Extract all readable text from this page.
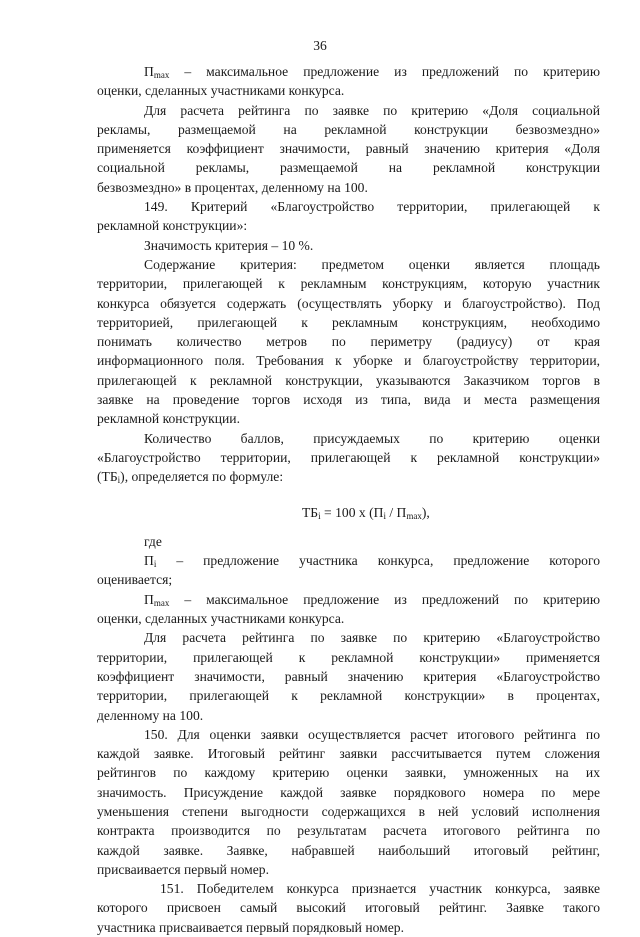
36
$П_{max}$ – максимальное предложение из предложений по критерию
оценки, сделанных участниками конкурса.
Для расчета рейтинга по заявке по критерию «Доля социальной
рекламы, размещаемой на рекламной конструкции безвозмездно»
применяется коэффициент значимости, равный значению критерия «Доля
социальной рекламы, размещаемой на рекламной конструкции
безвозмездно» в процентах, деленному на 100.
149. Критерий «Благоустройство территории, прилегающей к
рекламной конструкции»:
Значимость критерия – 10 %.
Содержание критерия: предметом оценки является площадь
территории, прилегающей к рекламным конструкциям, которую участник
конкурса обязуется содержать (осуществлять уборку и благоустройство). Под
территорией, прилегающей к рекламным конструкциям, необходимо
понимать количество метров по периметру (радиусу) от края
информационного поля. Требования к уборке и благоустройству территории,
прилегающей к рекламной конструкции, указываются Заказчиком торгов в
заявке на проведение торгов исходя из типа, вида и места размещения
рекламной конструкции.
Количество баллов, присуждаемых по критерию оценки
«Благоустройство территории, прилегающей к рекламной конструкции»
$(ТБ_i)$, определяется по формуле:
$ТБ_i = 100$ х $(П_i / П_{max})$,
где
$П_i$ – предложение участника конкурса, предложение которого
оценивается;
$П_{max}$ – максимальное предложение из предложений по критерию
оценки, сделанных участниками конкурса.
Для расчета рейтинга по заявке по критерию «Благоустройство
территории, прилегающей к рекламной конструкции» применяется
коэффициент значимости, равный значению критерия «Благоустройство
территории, прилегающей к рекламной конструкции» в процентах,
деленному на 100.
150. Для оценки заявки осуществляется расчет итогового рейтинга по
каждой заявке. Итоговый рейтинг заявки рассчитывается путем сложения
рейтингов по каждому критерию оценки заявки, умноженных на их
значимость. Присуждение каждой заявке порядкового номера по мере
уменьшения степени выгодности содержащихся в ней условий исполнения
контракта производится по результатам расчета итогового рейтинга по
каждой заявке. Заявке, набравшей наибольший итоговый рейтинг,
присваивается первый номер.
151. Победителем конкурса признается участник конкурса, заявке
которого присвоен самый высокий итоговый рейтинг. Заявке такого
участника присваивается первый порядковый номер.
